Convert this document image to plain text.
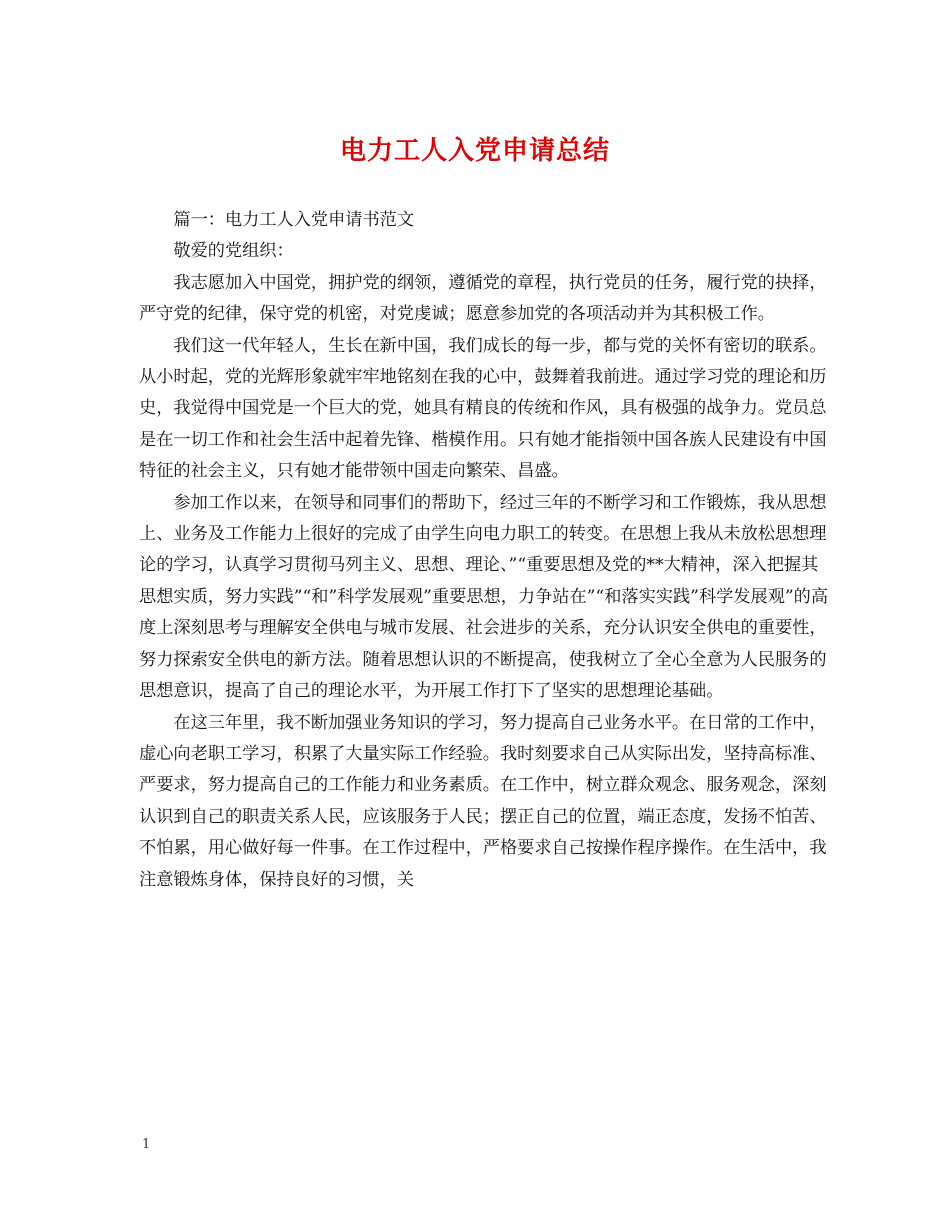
电力工人入党申请总结

篇一：电力工人入党申请书范文

敬爱的党组织：

我志愿加入中国党，拥护党的纲领，遵循党的章程，执行党员的任务，履行党的抉择，严守党的纪律，保守党的机密，对党虔诚；愿意参加党的各项活动并为其积极工作。

我们这一代年轻人，生长在新中国，我们成长的每一步，都与党的关怀有密切的联系。从小时起，党的光辉形象就牢牢地铭刻在我的心中，鼓舞着我前进。通过学习党的理论和历史，我觉得中国党是一个巨大的党，她具有精良的传统和作风，具有极强的战争力。党员总是在一切工作和社会生活中起着先锋、楷模作用。只有她才能指领中国各族人民建设有中国特征的社会主义，只有她才能带领中国走向繁荣、昌盛。

参加工作以来，在领导和同事们的帮助下，经过三年的不断学习和工作锻炼，我从思想上、业务及工作能力上很好的完成了由学生向电力职工的转变。在思想上我从未放松思想理论的学习，认真学习贯彻马列主义、思想、理论、”“重要思想及党的**大精神，深入把握其思想实质，努力实践”“和”科学发展观”重要思想，力争站在”“和落实实践”科学发展观”的高度上深刻思考与理解安全供电与城市发展、社会进步的关系，充分认识安全供电的重要性，努力探索安全供电的新方法。随着思想认识的不断提高，使我树立了全心全意为人民服务的思想意识，提高了自己的理论水平，为开展工作打下了坚实的思想理论基础。

在这三年里，我不断加强业务知识的学习，努力提高自己业务水平。在日常的工作中，虚心向老职工学习，积累了大量实际工作经验。我时刻要求自己从实际出发，坚持高标准、严要求，努力提高自己的工作能力和业务素质。在工作中，树立群众观念、服务观念，深刻认识到自己的职责关系人民，应该服务于人民；摆正自己的位置，端正态度，发扬不怕苦、不怕累，用心做好每一件事。在工作过程中，严格要求自己按操作程序操作。在生活中，我注意锻炼身体，保持良好的习惯，关

1
